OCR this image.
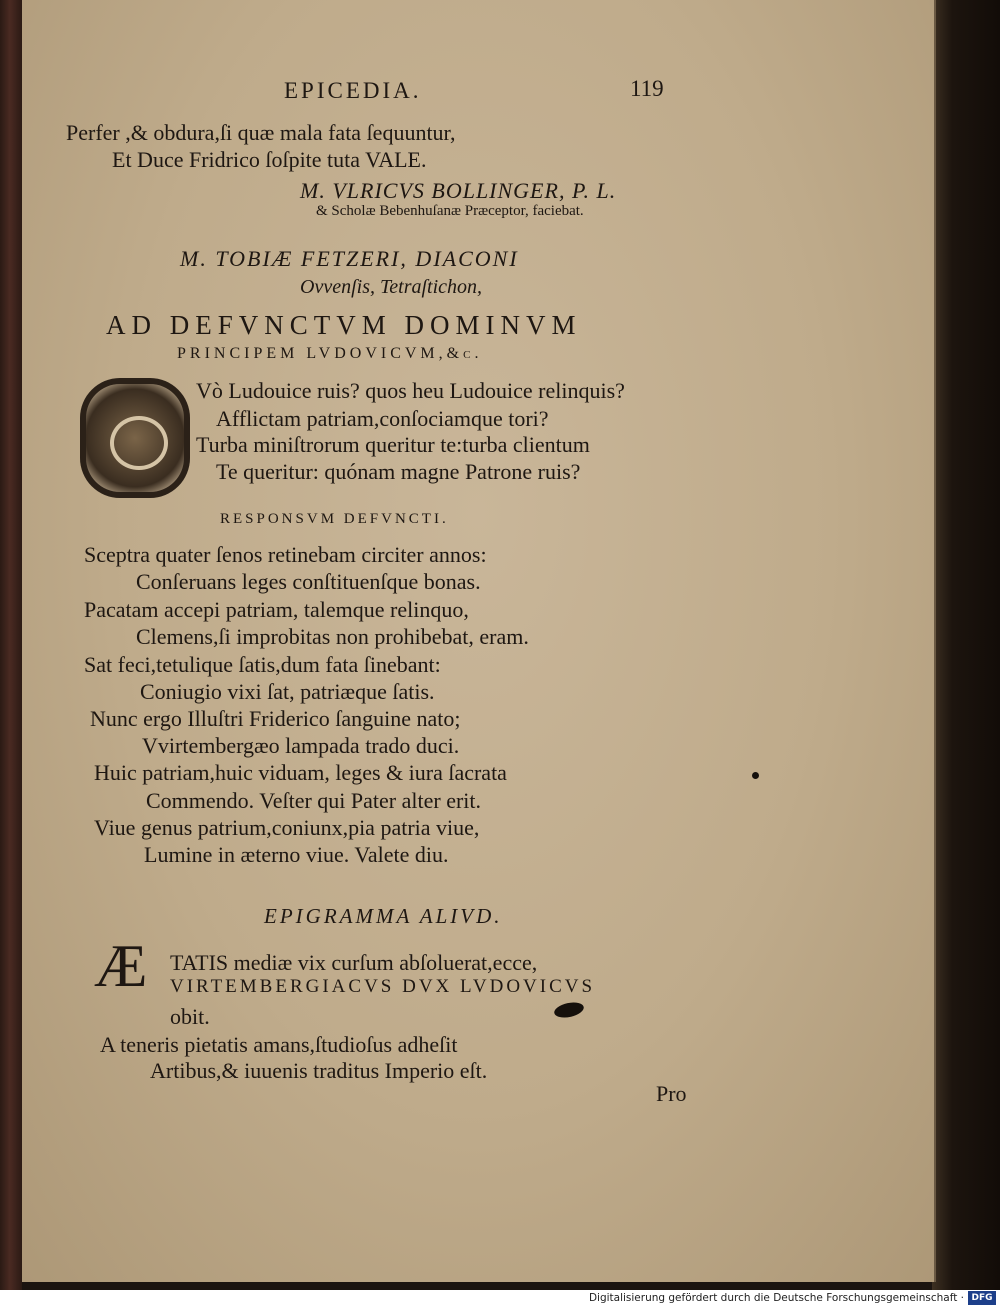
EPICEDIA.	119
Perfer ,& obdura,ſi quæ mala fata ſequuntur,
Et Duce Fridrico ſoſpite tuta VALE.
M. VLRICVS BOLLINGER, P. L.
& Scholæ Bebenhuſanæ Præceptor, faciebat.
M. TOBIÆ FETZERI, DIACONI
Ovvenſis, Tetraſtichon,
AD DEFVNCTVM DOMINVM
PRINCIPEM LVDOVICVM,&c.
Vò Ludouice ruis? quos heu Ludouice relinquis?
Afflictam patriam,conſociamque tori?
Turba miniſtrorum queritur te:turba clientum
Te queritur: quónam magne Patrone ruis?
RESPONSVM DEFVNCTI.
Sceptra quater ſenos retinebam circiter annos:
Conſeruans leges conſtituenſque bonas.
Pacatam accepi patriam, talemque relinquo,
Clemens,ſi improbitas non prohibebat, eram.
Sat feci,tetulique ſatis,dum fata ſinebant:
Coniugio vixi ſat, patriæque ſatis.
Nunc ergo Illuſtri Friderico ſanguine nato;
Vvirtembergæo lampada trado duci.
Huic patriam,huic viduam, leges & iura ſacrata
Commendo. Veſter qui Pater alter erit.
Viue genus patrium,coniunx,pia patria viue,
Lumine in æterno viue. Valete diu.
EPIGRAMMA ALIVD.
Æ TATIS mediæ vix curſum abſoluerat,ecce,
VIRTEMBERGIACVS DVX LVDOVICVS
obit.
A teneris pietatis amans,ſtudioſus adheſit
Artibus,& iuuenis traditus Imperio eſt.
Pro
Digitalisierung gefördert durch die Deutsche Forschungsgemeinschaft · DFG
